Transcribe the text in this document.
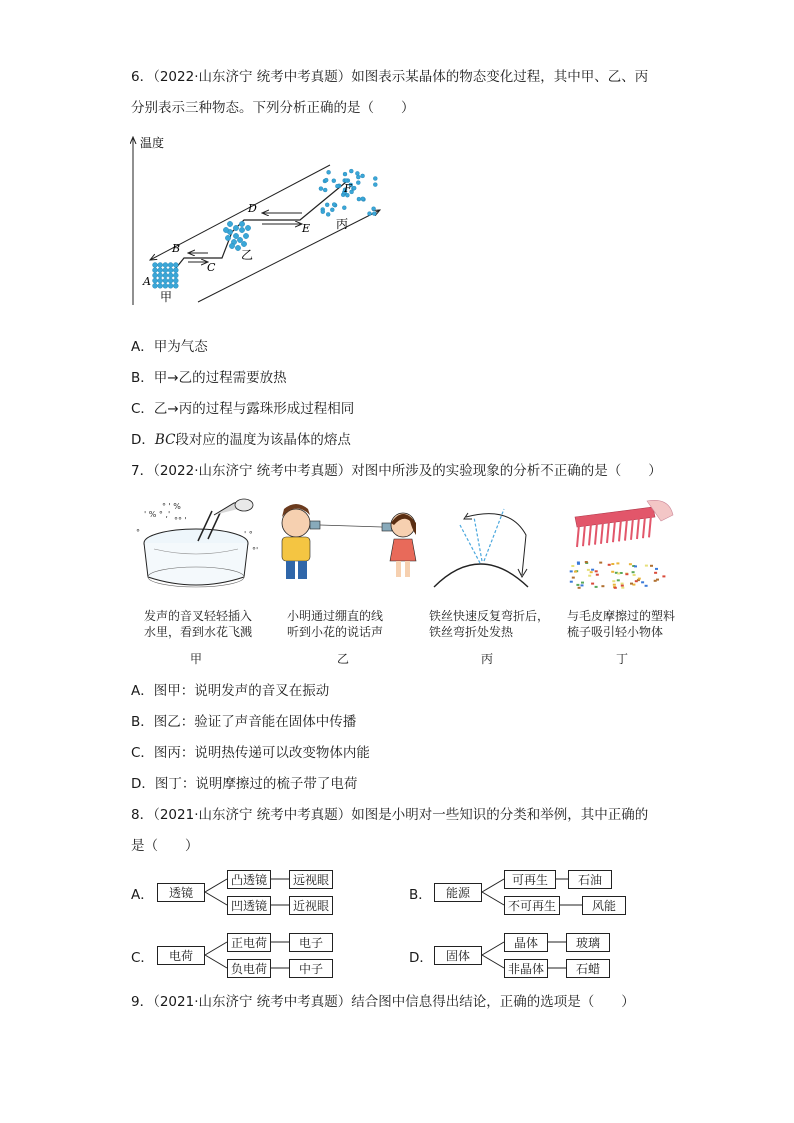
6．（2022·山东济宁 统考中考真题）如图表示某晶体的物态变化过程，其中甲、乙、丙
分别表示三种物态。下列分析正确的是（　　）
温度
A
B
C
D
E
F
甲
乙
丙
A．甲为气态
B．甲→乙的过程需要放热
C．乙→丙的过程与露珠形成过程相同
D．BC段对应的温度为该晶体的熔点
7．（2022·山东济宁 统考中考真题）对图中所涉及的实验现象的分析不正确的是（　　）
' % ° ,'
° ' %
°° '
' °
°'
°
发声的音叉轻轻插入
水里，看到水花飞溅
小明通过绷直的线
听到小花的说话声
铁丝快速反复弯折后，
铁丝弯折处发热
与毛皮摩擦过的塑料
梳子吸引轻小物体
甲	乙	丙	丁
A．图甲：说明发声的音叉在振动
B．图乙：验证了声音能在固体中传播
C．图丙：说明热传递可以改变物体内能
D．图丁：说明摩擦过的梳子带了电荷
8．（2021·山东济宁 统考中考真题）如图是小明对一些知识的分类和举例，其中正确的
是（　　）
A．	透镜
凸透镜
凹透镜
远视眼
近视眼
B．	能源
可再生
不可再生
石油
风能
C．	电荷
正电荷
负电荷
电子
中子
D．	固体
晶体
非晶体
玻璃
石蜡
9．（2021·山东济宁 统考中考真题）结合图中信息得出结论，正确的选项是（　　）
